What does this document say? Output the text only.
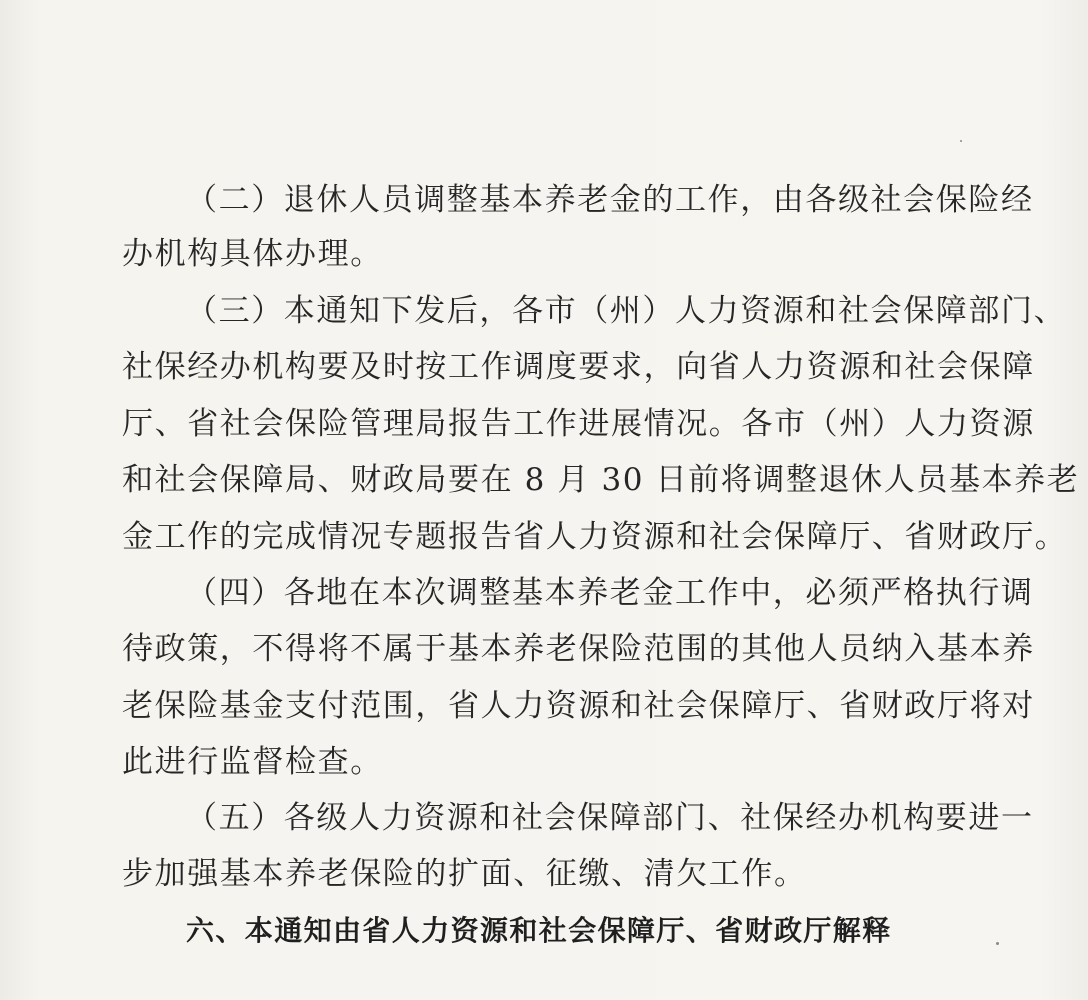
（二）退休人员调整基本养老金的工作，由各级社会保险经
办机构具体办理。
（三）本通知下发后，各市（州）人力资源和社会保障部门、
社保经办机构要及时按工作调度要求，向省人力资源和社会保障
厅、省社会保险管理局报告工作进展情况。各市（州）人力资源
和社会保障局、财政局要在 8 月 30 日前将调整退休人员基本养老
金工作的完成情况专题报告省人力资源和社会保障厅、省财政厅。
（四）各地在本次调整基本养老金工作中，必须严格执行调
待政策，不得将不属于基本养老保险范围的其他人员纳入基本养
老保险基金支付范围，省人力资源和社会保障厅、省财政厅将对
此进行监督检查。
（五）各级人力资源和社会保障部门、社保经办机构要进一
步加强基本养老保险的扩面、征缴、清欠工作。
六、本通知由省人力资源和社会保障厅、省财政厅解释
